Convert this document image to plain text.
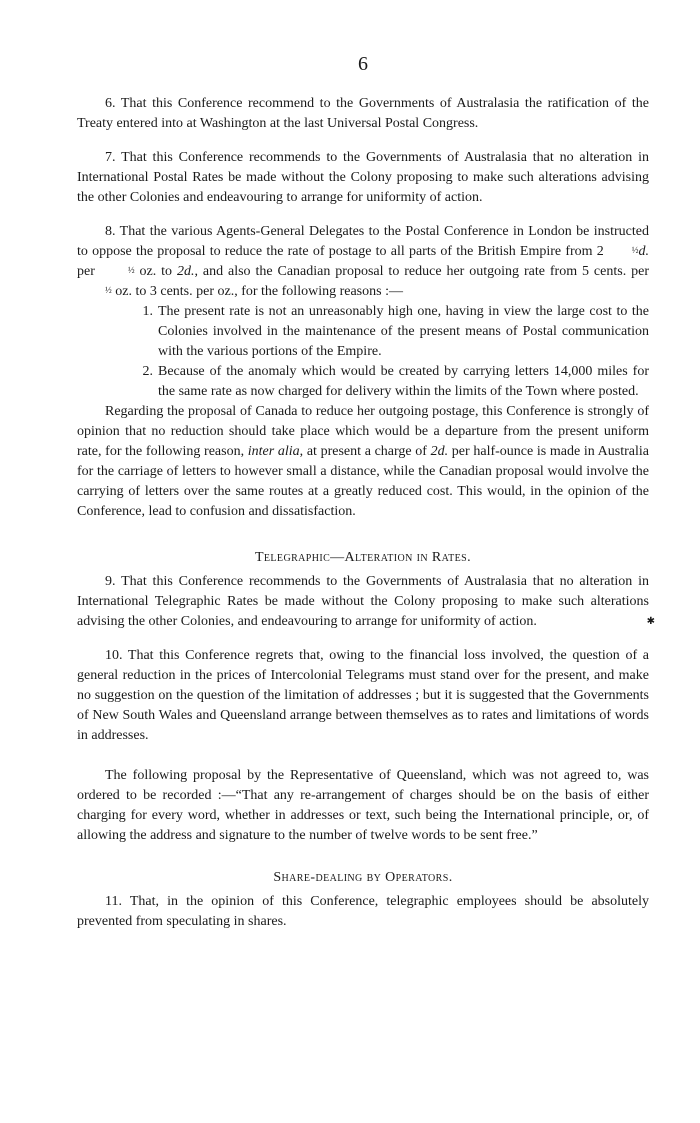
6

6. That this Conference recommend to the Governments of Australasia the ratification of the Treaty entered into at Washington at the last Universal Postal Congress.

7. That this Conference recommends to the Governments of Australasia that no alteration in International Postal Rates be made without the Colony proposing to make such alterations advising the other Colonies and endeavouring to arrange for uniformity of action.

8. That the various Agents-General Delegates to the Postal Conference in London be instructed to oppose the proposal to reduce the rate of postage to all parts of the British Empire from 2	½d. per	½ oz. to 2d., and also the Canadian proposal to reduce her outgoing rate from 5 cents. per ½ oz. to 3 cents. per oz., for the following reasons :—

1. The present rate is not an unreasonably high one, having in view the large cost to the Colonies involved in the maintenance of the present means of Postal communication with the various portions of the Empire.
2. Because of the anomaly which would be created by carrying letters 14,000 miles for the same rate as now charged for delivery within the limits of the Town where posted.

Regarding the proposal of Canada to reduce her outgoing postage, this Conference is strongly of opinion that no reduction should take place which would be a departure from the present uniform rate, for the following reason, inter alia, at present a charge of 2d. per half-ounce is made in Australia for the carriage of letters to however small a distance, while the Canadian proposal would involve the carrying of letters over the same routes at a greatly reduced cost. This would, in the opinion of the Conference, lead to confusion and dissatisfaction.

Telegraphic—Alteration in Rates.

9. That this Conference recommends to the Governments of Australasia that no alteration in International Telegraphic Rates be made without the Colony proposing to make such alterations advising the other Colonies, and endeavouring to arrange for uniformity of action.	✱

10. That this Conference regrets that, owing to the financial loss involved, the question of a general reduction in the prices of Intercolonial Telegrams must stand over for the present, and make no suggestion on the question of the limitation of addresses ; but it is suggested that the Governments of New South Wales and Queensland arrange between themselves as to rates and limitations of words in addresses.

The following proposal by the Representative of Queensland, which was not agreed to, was ordered to be recorded :—“That any re-arrangement of charges should be on the basis of either charging for every word, whether in addresses or text, such being the International principle, or, of allowing the address and signature to the number of twelve words to be sent free.”

Share-dealing by Operators.

11. That, in the opinion of this Conference, telegraphic employees should be absolutely prevented from speculating in shares.
